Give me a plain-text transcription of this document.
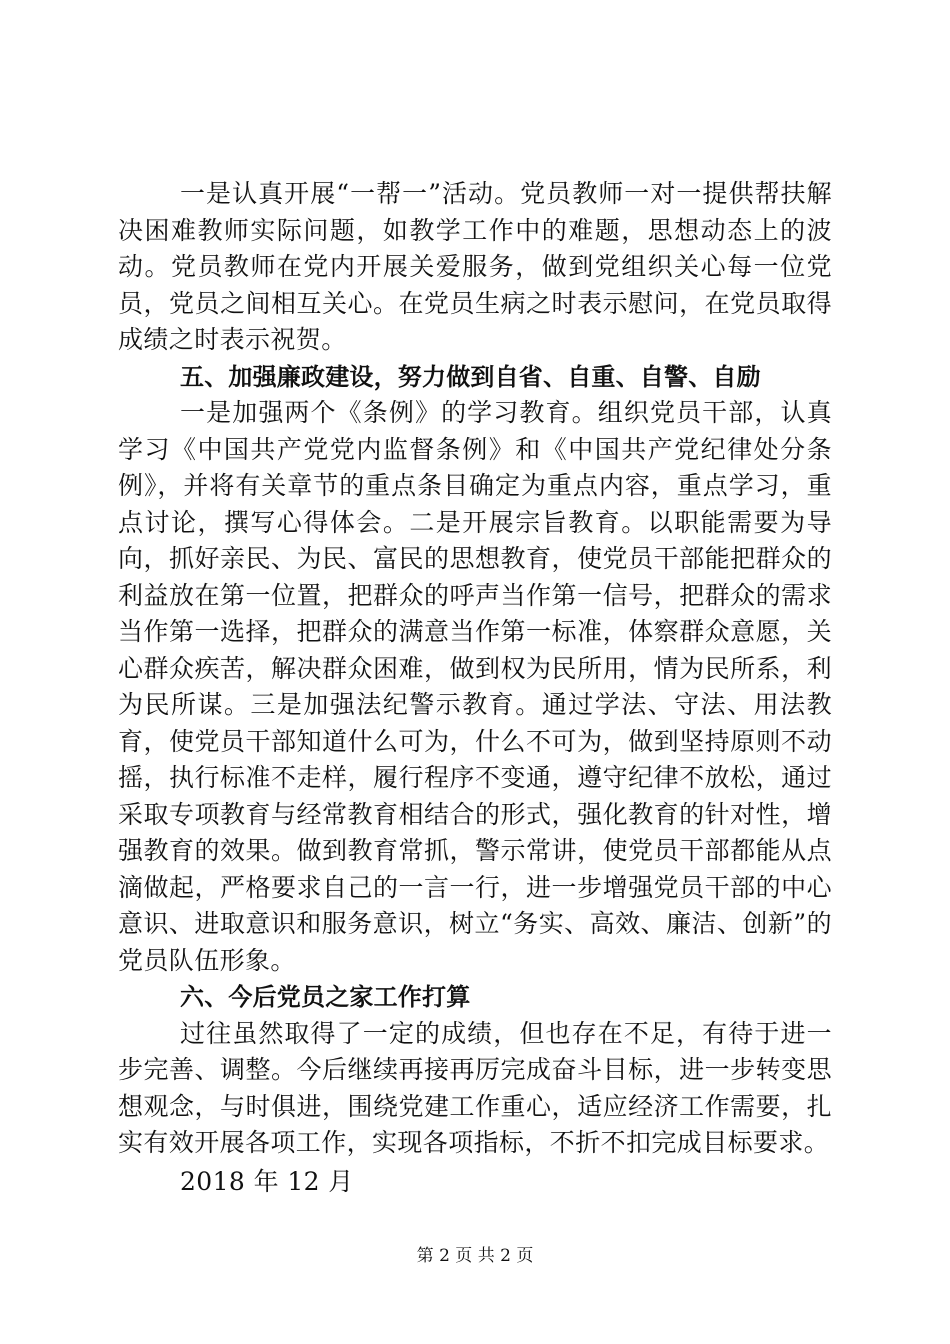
一是认真开展“一帮一”活动。党员教师一对一提供帮扶解决困难教师实际问题，如教学工作中的难题，思想动态上的波动。党员教师在党内开展关爱服务，做到党组织关心每一位党员，党员之间相互关心。在党员生病之时表示慰问，在党员取得成绩之时表示祝贺。

五、加强廉政建设，努力做到自省、自重、自警、自励

一是加强两个《条例》的学习教育。组织党员干部，认真学习《中国共产党党内监督条例》和《中国共产党纪律处分条例》，并将有关章节的重点条目确定为重点内容，重点学习，重点讨论，撰写心得体会。二是开展宗旨教育。以职能需要为导向，抓好亲民、为民、富民的思想教育，使党员干部能把群众的利益放在第一位置，把群众的呼声当作第一信号，把群众的需求当作第一选择，把群众的满意当作第一标准，体察群众意愿，关心群众疾苦，解决群众困难，做到权为民所用，情为民所系，利为民所谋。三是加强法纪警示教育。通过学法、守法、用法教育，使党员干部知道什么可为，什么不可为，做到坚持原则不动摇，执行标准不走样，履行程序不变通，遵守纪律不放松，通过采取专项教育与经常教育相结合的形式，强化教育的针对性，增强教育的效果。做到教育常抓，警示常讲，使党员干部都能从点滴做起，严格要求自己的一言一行，进一步增强党员干部的中心意识、进取意识和服务意识，树立“务实、高效、廉洁、创新”的党员队伍形象。

六、今后党员之家工作打算

过往虽然取得了一定的成绩，但也存在不足，有待于进一步完善、调整。今后继续再接再厉完成奋斗目标，进一步转变思想观念，与时俱进，围绕党建工作重心，适应经济工作需要，扎实有效开展各项工作，实现各项指标，不折不扣完成目标要求。

2018 年 12 月

第 2 页 共 2 页
